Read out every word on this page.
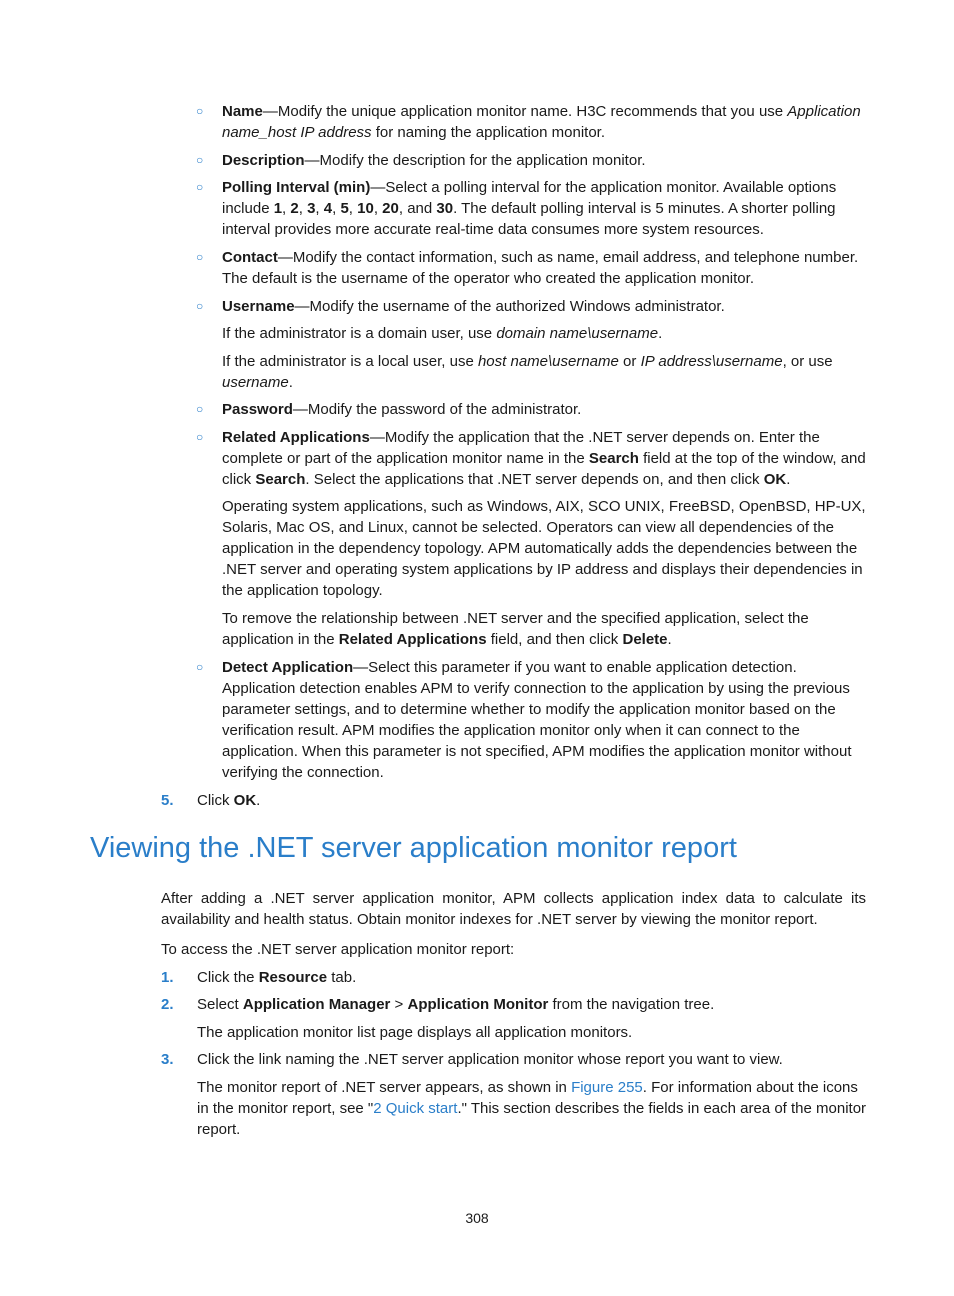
○ Name—Modify the unique application monitor name. H3C recommends that you use Application name_host IP address for naming the application monitor.
○ Description—Modify the description for the application monitor.
○ Polling Interval (min)—Select a polling interval for the application monitor. Available options include 1, 2, 3, 4, 5, 10, 20, and 30. The default polling interval is 5 minutes. A shorter polling interval provides more accurate real-time data consumes more system resources.
○ Contact—Modify the contact information, such as name, email address, and telephone number. The default is the username of the operator who created the application monitor.
○ Username—Modify the username of the authorized Windows administrator.
If the administrator is a domain user, use domain name\username.
If the administrator is a local user, use host name\username or IP address\username, or use username.
○ Password—Modify the password of the administrator.
○ Related Applications—Modify the application that the .NET server depends on. Enter the complete or part of the application monitor name in the Search field at the top of the window, and click Search. Select the applications that .NET server depends on, and then click OK.
Operating system applications, such as Windows, AIX, SCO UNIX, FreeBSD, OpenBSD, HP-UX, Solaris, Mac OS, and Linux, cannot be selected. Operators can view all dependencies of the application in the dependency topology. APM automatically adds the dependencies between the .NET server and operating system applications by IP address and displays their dependencies in the application topology.
To remove the relationship between .NET server and the specified application, select the application in the Related Applications field, and then click Delete.
○ Detect Application—Select this parameter if you want to enable application detection. Application detection enables APM to verify connection to the application by using the previous parameter settings, and to determine whether to modify the application monitor based on the verification result. APM modifies the application monitor only when it can connect to the application. When this parameter is not specified, APM modifies the application monitor without verifying the connection.
5. Click OK.
Viewing the .NET server application monitor report
After adding a .NET server application monitor, APM collects application index data to calculate its availability and health status. Obtain monitor indexes for .NET server by viewing the monitor report.
To access the .NET server application monitor report:
1. Click the Resource tab.
2. Select Application Manager > Application Monitor from the navigation tree.
The application monitor list page displays all application monitors.
3. Click the link naming the .NET server application monitor whose report you want to view.
The monitor report of .NET server appears, as shown in Figure 255. For information about the icons in the monitor report, see "2 Quick start." This section describes the fields in each area of the monitor report.
308
